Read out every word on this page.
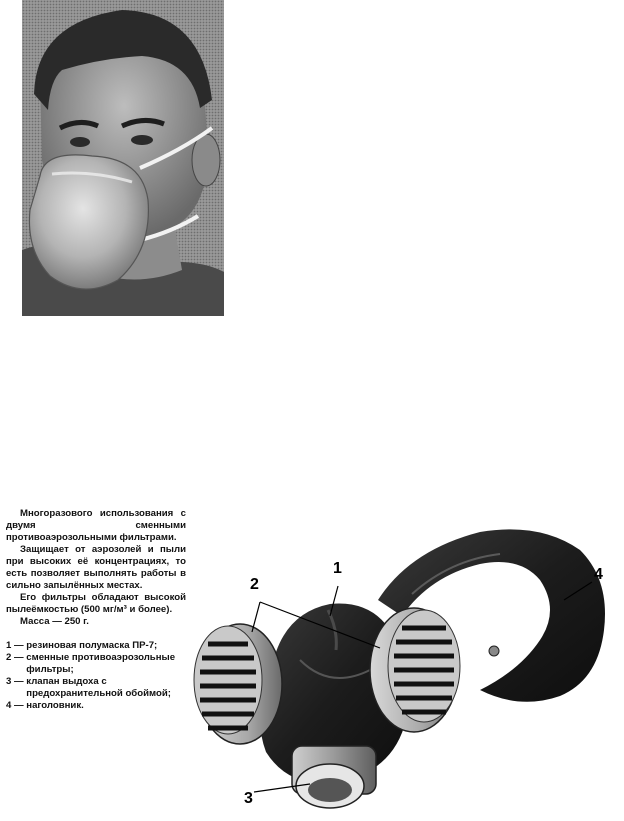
Многоразового использования с двумя сменными противоаэрозольными фильтрами.

Защищает от аэрозолей и пыли при высоких её концентрациях, то есть позволяет выполнять работы в сильно запылённых местах.

Его фильтры обладают высокой пылеёмкостью (500 мг/м³ и более).

Масса — 250 г.

1 — резиновая полумаска ПР-7;
2 — сменные противоаэрозольные фильтры;
3 — клапан выдоха с предохранительной обоймой;
4 — наголовник.
1
2
3
4
